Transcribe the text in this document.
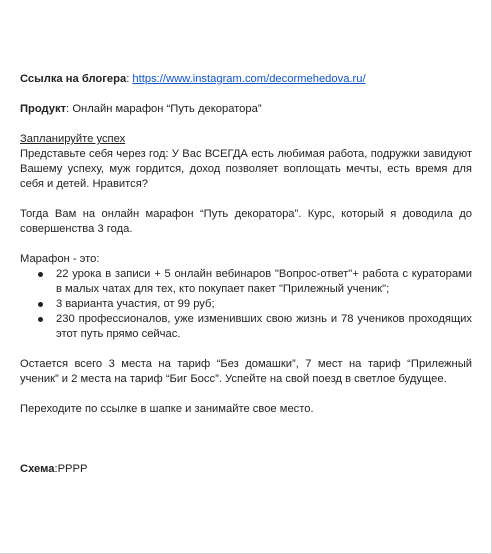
Ссылка на блогера: https://www.instagram.com/decormehedova.ru/

Продукт: Онлайн марафон “Путь декоратора”

Запланируйте успех

Представьте себя через год: У Вас ВСЕГДА есть любимая работа, подружки завидуют Вашему успеху, муж гордится, доход позволяет воплощать мечты, есть время для себя и детей. Нравится?

Тогда Вам на онлайн марафон “Путь декоратора”. Курс, который я доводила до совершенства 3 года.

Марафон - это:

22 урока в записи + 5 онлайн вебинаров "Вопрос-ответ"+ работа с кураторами в малых чатах для тех, кто покупает пакет "Прилежный ученик";
3 варианта участия, от 99 руб;
230 профессионалов, уже изменивших свою жизнь и 78 учеников проходящих этот путь прямо сейчас.

Остается всего 3 места на тариф “Без домашки”, 7 мест на тариф “Прилежный ученик” и 2 места на тариф “Биг Босс”. Успейте на свой поезд в светлое будущее.

Переходите по ссылке в шапке и занимайте свое место.

Схема:PPPP
